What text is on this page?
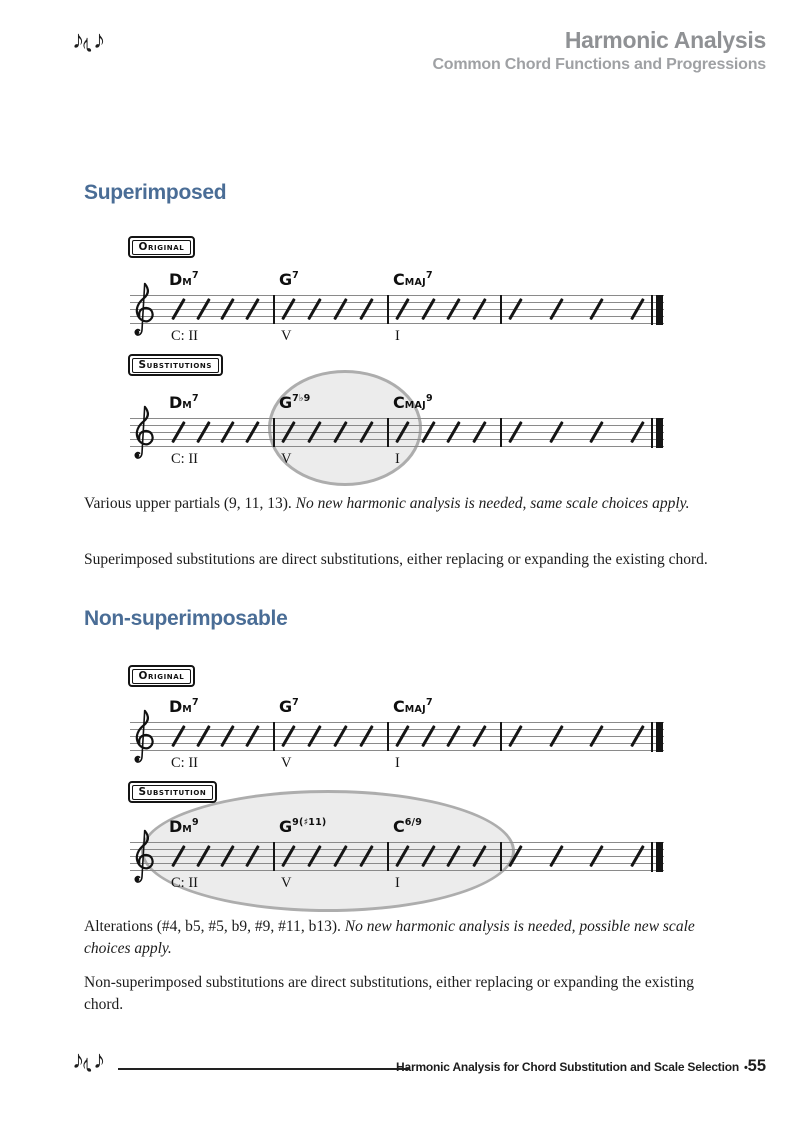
♪♪♪	Harmonic Analysis
Common Chord Functions and Progressions
Superimposed
Original
$DM^7$
C: II
$G^7$
V
CMAJ$^7$
I
Substitutions
$DM^7$
C: II
$G^{7♭9}$
V
CMAJ$^9$
I

Various upper partials (9, 11, 13). No new harmonic analysis is needed, same scale choices apply.

Superimposed substitutions are direct substitutions, either replacing or expanding the existing chord.

Non-superimposable
Original
$DM^7$
C: II
$G^7$
V
CMAJ$^7$
I
Substitution
$DM^9$
C: II
$G^{9(♯11)}$
V
$C^{6/9}$
I

Alterations (#4, b5, #5, b9, #9, #11, b13). No new harmonic analysis is needed, possible new scale choices apply.

Non-superimposed substitutions are direct substitutions, either replacing or expanding the existing chord.

♪♪♪	Harmonic Analysis for Chord Substitution and Scale Selection •55
